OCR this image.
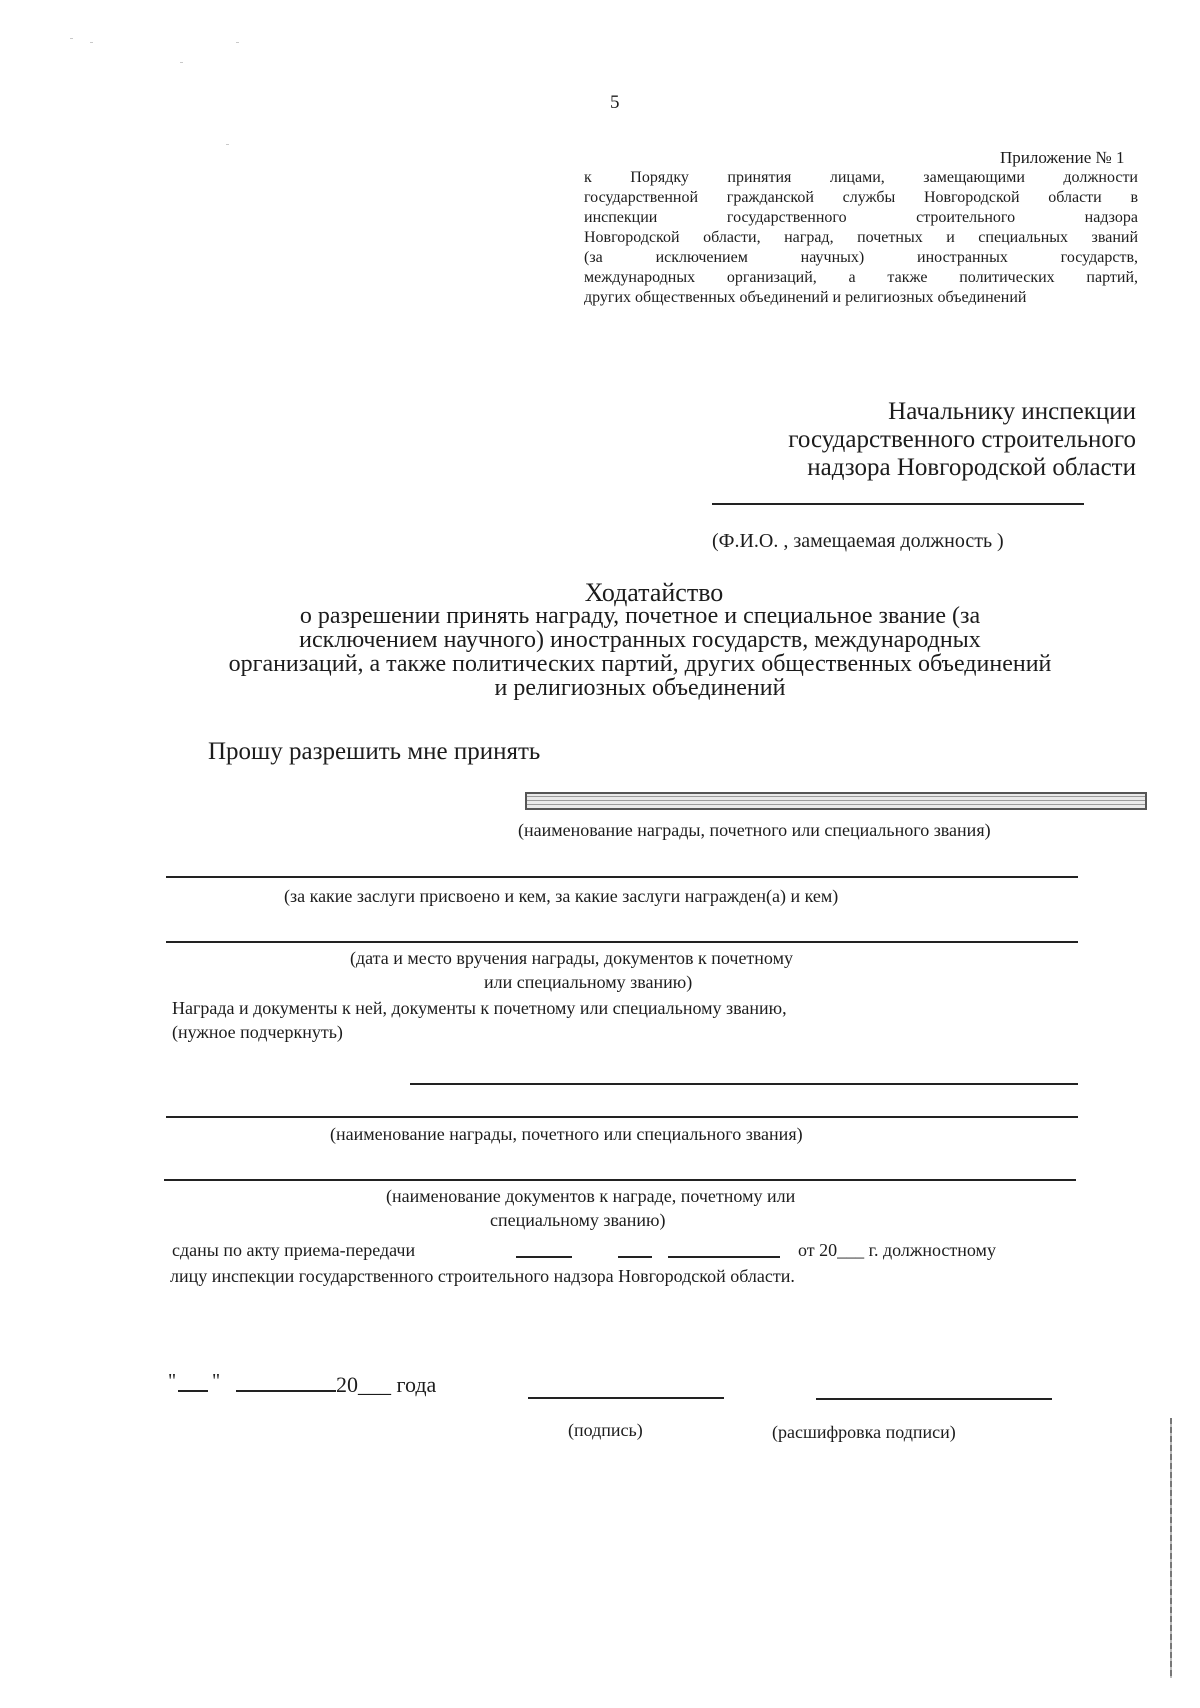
5
Приложение № 1
к Порядку принятия лицами, замещающими должности
государственной гражданской службы Новгородской области в
инспекции государственного строительного надзора
Новгородской области, наград, почетных и специальных званий
(за исключением научных) иностранных государств,
международных организаций, а также политических партий,
других общественных объединений и религиозных объединений
Начальнику инспекции
государственного строительного
надзора Новгородской области
(Ф.И.О. , замещаемая должность )
Ходатайство
о разрешении принять награду, почетное и специальное звание (за
исключением научного) иностранных государств, международных
организаций, а также политических партий, других общественных объединений
и религиозных объединений
Прошу разрешить мне принять
(наименование награды, почетного или специального звания)
(за какие заслуги присвоено и кем, за какие заслуги награжден(а) и кем)
(дата и место вручения награды, документов к почетному
или специальному званию)
Награда и документы к ней, документы к почетному или специальному званию,
(нужное подчеркнуть)
(наименование награды, почетного или специального звания)
(наименование документов к награде, почетному или
специальному званию)
сданы по акту приема-передачи	от 20___ г. должностному
лицу инспекции государственного строительного надзора Новгородской области.
" "	20___ года
(подпись)	(расшифровка подписи)
